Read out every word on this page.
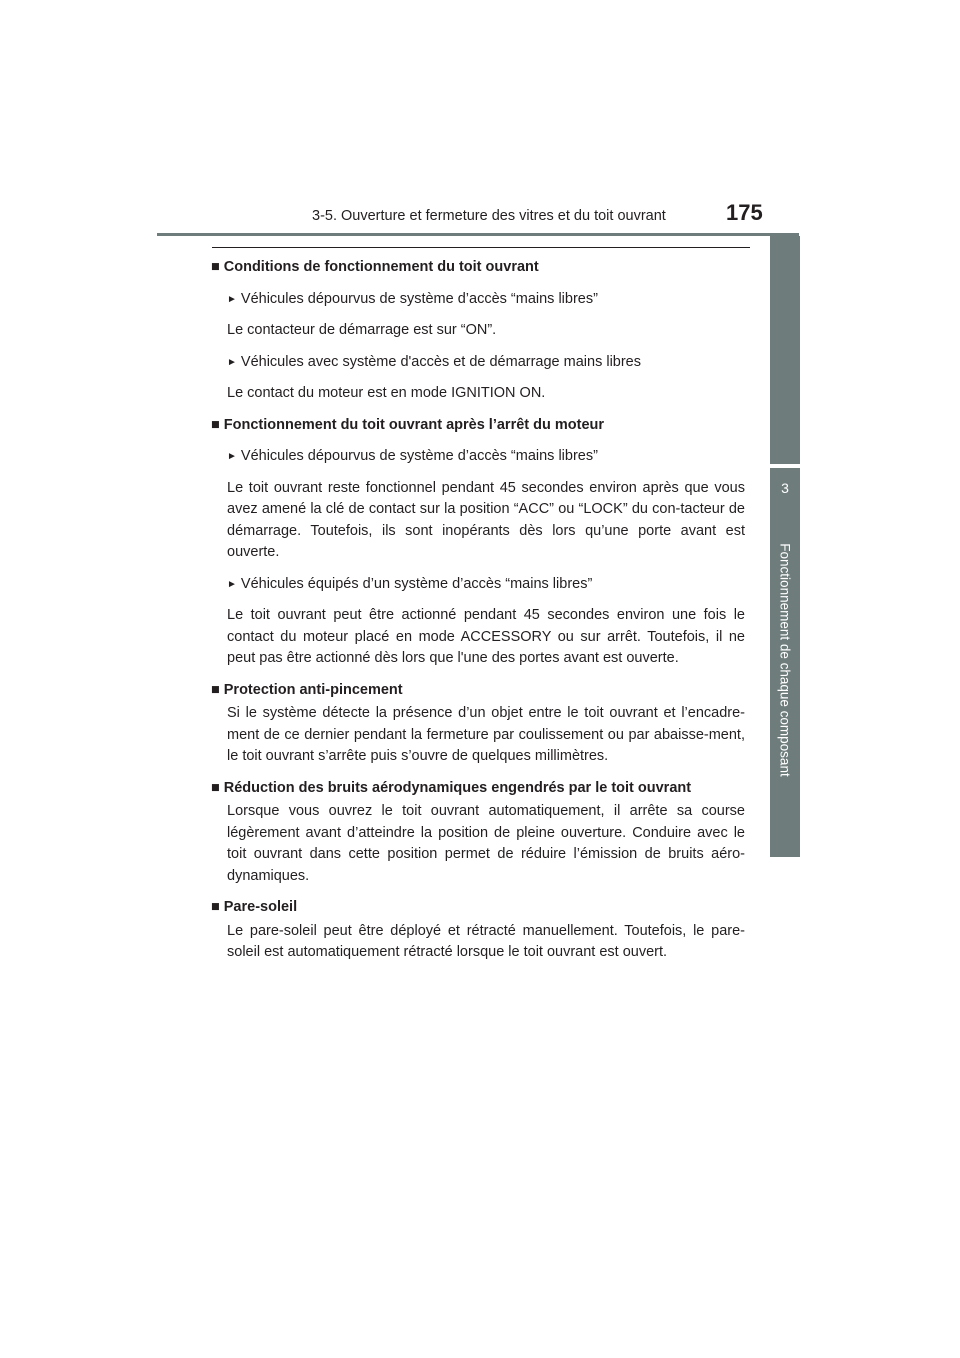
3-5. Ouverture et fermeture des vitres et du toit ouvrant	175
3
Fonctionnement de chaque composant

■ Conditions de fonctionnement du toit ouvrant

► Véhicules dépourvus de système d’accès “mains libres”

Le contacteur de démarrage est sur “ON”.

► Véhicules avec système d'accès et de démarrage mains libres

Le contact du moteur est en mode IGNITION ON.

■ Fonctionnement du toit ouvrant après l’arrêt du moteur

► Véhicules dépourvus de système d’accès “mains libres”

Le toit ouvrant reste fonctionnel pendant 45 secondes environ après que vous avez amené la clé de contact sur la position “ACC” ou “LOCK” du con-tacteur de démarrage. Toutefois, ils sont inopérants dès lors qu’une porte avant est ouverte.

► Véhicules équipés d’un système d’accès “mains libres”

Le toit ouvrant peut être actionné pendant 45 secondes environ une fois le contact du moteur placé en mode ACCESSORY ou sur arrêt. Toutefois, il ne peut pas être actionné dès lors que l'une des portes avant est ouverte.

■ Protection anti-pincement

Si le système détecte la présence d’un objet entre le toit ouvrant et l’encadre-ment de ce dernier pendant la fermeture par coulissement ou par abaisse-ment, le toit ouvrant s’arrête puis s’ouvre de quelques millimètres.

■ Réduction des bruits aérodynamiques engendrés par le toit ouvrant

Lorsque vous ouvrez le toit ouvrant automatiquement, il arrête sa course légèrement avant d’atteindre la position de pleine ouverture. Conduire avec le toit ouvrant dans cette position permet de réduire l’émission de bruits aéro-dynamiques.

■ Pare-soleil

Le pare-soleil peut être déployé et rétracté manuellement. Toutefois, le pare-soleil est automatiquement rétracté lorsque le toit ouvrant est ouvert.
